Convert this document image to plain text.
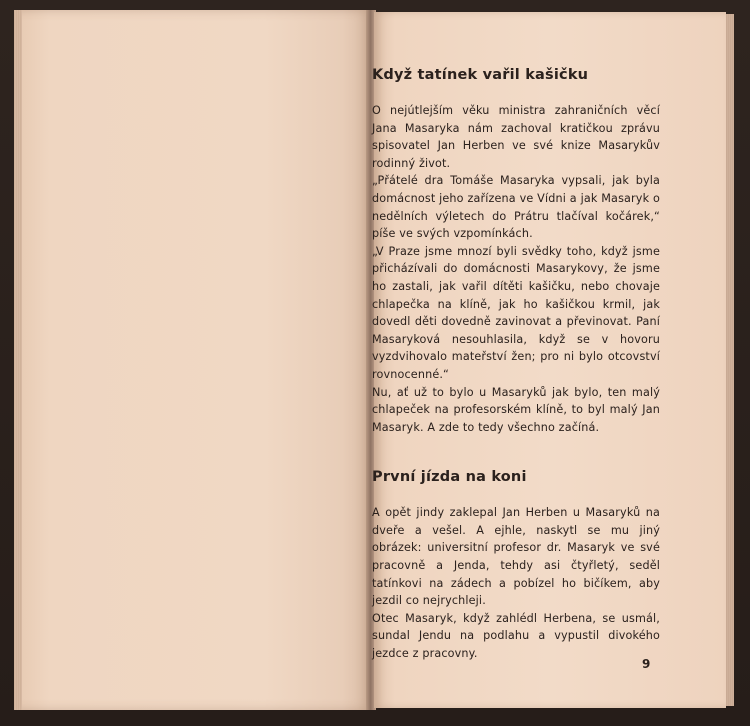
Když tatínek vařil kašičku

O nejútlejším věku ministra zahraničních věcí Jana Masaryka nám zachoval kratičkou zprávu spisovatel Jan Herben ve své knize Masarykův rodinný život.

„Přátelé dra Tomáše Masaryka vypsali, jak byla domácnost jeho zařízena ve Vídni a jak Masaryk o nedělních výletech do Prátru tlačíval kočárek,“ píše ve svých vzpomínkách.

„V Praze jsme mnozí byli svědky toho, když jsme přicházívali do domácnosti Masarykovy, že jsme ho zastali, jak vařil dítěti kašičku, nebo chovaje chlapečka na klíně, jak ho kašičkou krmil, jak dovedl děti dovedně zavinovat a převinovat. Paní Masaryková nesouhlasila, když se v hovoru vyzdvihovalo mateřství žen; pro ni bylo otcovství rovnocenné.“

Nu, ať už to bylo u Masaryků jak bylo, ten malý chlapeček na profesorském klíně, to byl malý Jan Masaryk. A zde to tedy všechno začíná.

První jízda na koni

A opět jindy zaklepal Jan Herben u Masaryků na dveře a vešel. A ejhle, naskytl se mu jiný obrázek: universitní profesor dr. Masaryk ve své pracovně a Jenda, tehdy asi čtyřletý, seděl tatínkovi na zádech a pobízel ho bičíkem, aby jezdil co nejrychleji.

Otec Masaryk, když zahlédl Herbena, se usmál, sundal Jendu na podlahu a vypustil divokého jezdce z pracovny.

9
